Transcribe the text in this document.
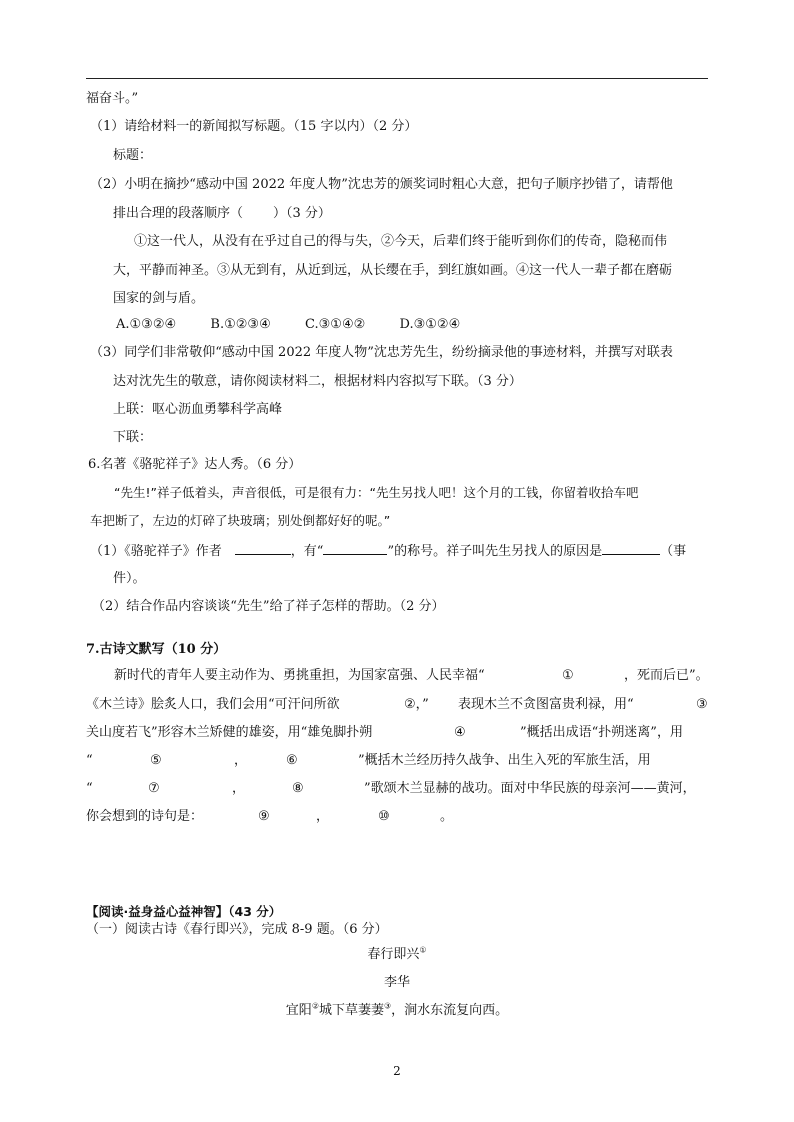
福奋斗。”
（1）请给材料一的新闻拟写标题。（15 字以内）（2 分）
标题：
（2）小明在摘抄“感动中国 2022 年度人物”沈忠芳的颁奖词时粗心大意，把句子顺序抄错了，请帮他
排出合理的段落顺序（ ）（3 分）
①这一代人，从没有在乎过自己的得与失，②今天，后辈们终于能听到你们的传奇，隐秘而伟
大，平静而神圣。③从无到有，从近到远，从长缨在手，到红旗如画。④这一代人一辈子都在磨砺
国家的剑与盾。
A.①③②④	B.①②③④	C.③①④②	D.③①②④
（3）同学们非常敬仰“感动中国 2022 年度人物”沈忠芳先生，纷纷摘录他的事迹材料，并撰写对联表
达对沈先生的敬意，请你阅读材料二，根据材料内容拟写下联。（3 分）
上联：呕心沥血勇攀科学高峰
下联：
6.名著《骆驼祥子》达人秀。（6 分）
“先生!”祥子低着头，声音很低，可是很有力：“先生另找人吧！这个月的工钱，你留着收拾车吧
车把断了，左边的灯碎了块玻璃；别处倒都好好的呢。”
（1）《骆驼祥子》作者　	，有“	”的称号。祥子叫先生另找人的原因是	（事
件）。
（2）结合作品内容谈谈“先生”给了祥子怎样的帮助。（2 分）
7.古诗文默写（10 分）
新时代的青年人要主动作为、勇挑重担，为国家富强、人民幸福“	①	，死而后已”。
《木兰诗》脍炙人口，我们会用“可汗问所欲	②，” 表现木兰不贪图富贵利禄，用“	③
关山度若飞”形容木兰矫健的雄姿，用“雄兔脚扑朔	④	”概括出成语“扑朔迷离”，用
“	⑤	，	⑥	”概括木兰经历持久战争、出生入死的军旅生活，用
“	⑦	，	⑧	”歌颂木兰显赫的战功。面对中华民族的母亲河——黄河，
你会想到的诗句是：	⑨	，	⑩	。
【阅读·益身益心益神智】（43 分）
（一）阅读古诗《春行即兴》，完成 8-9 题。（6 分）
春行即兴①
李华
宜阳②城下草萋萋③，涧水东流复向西。
2
